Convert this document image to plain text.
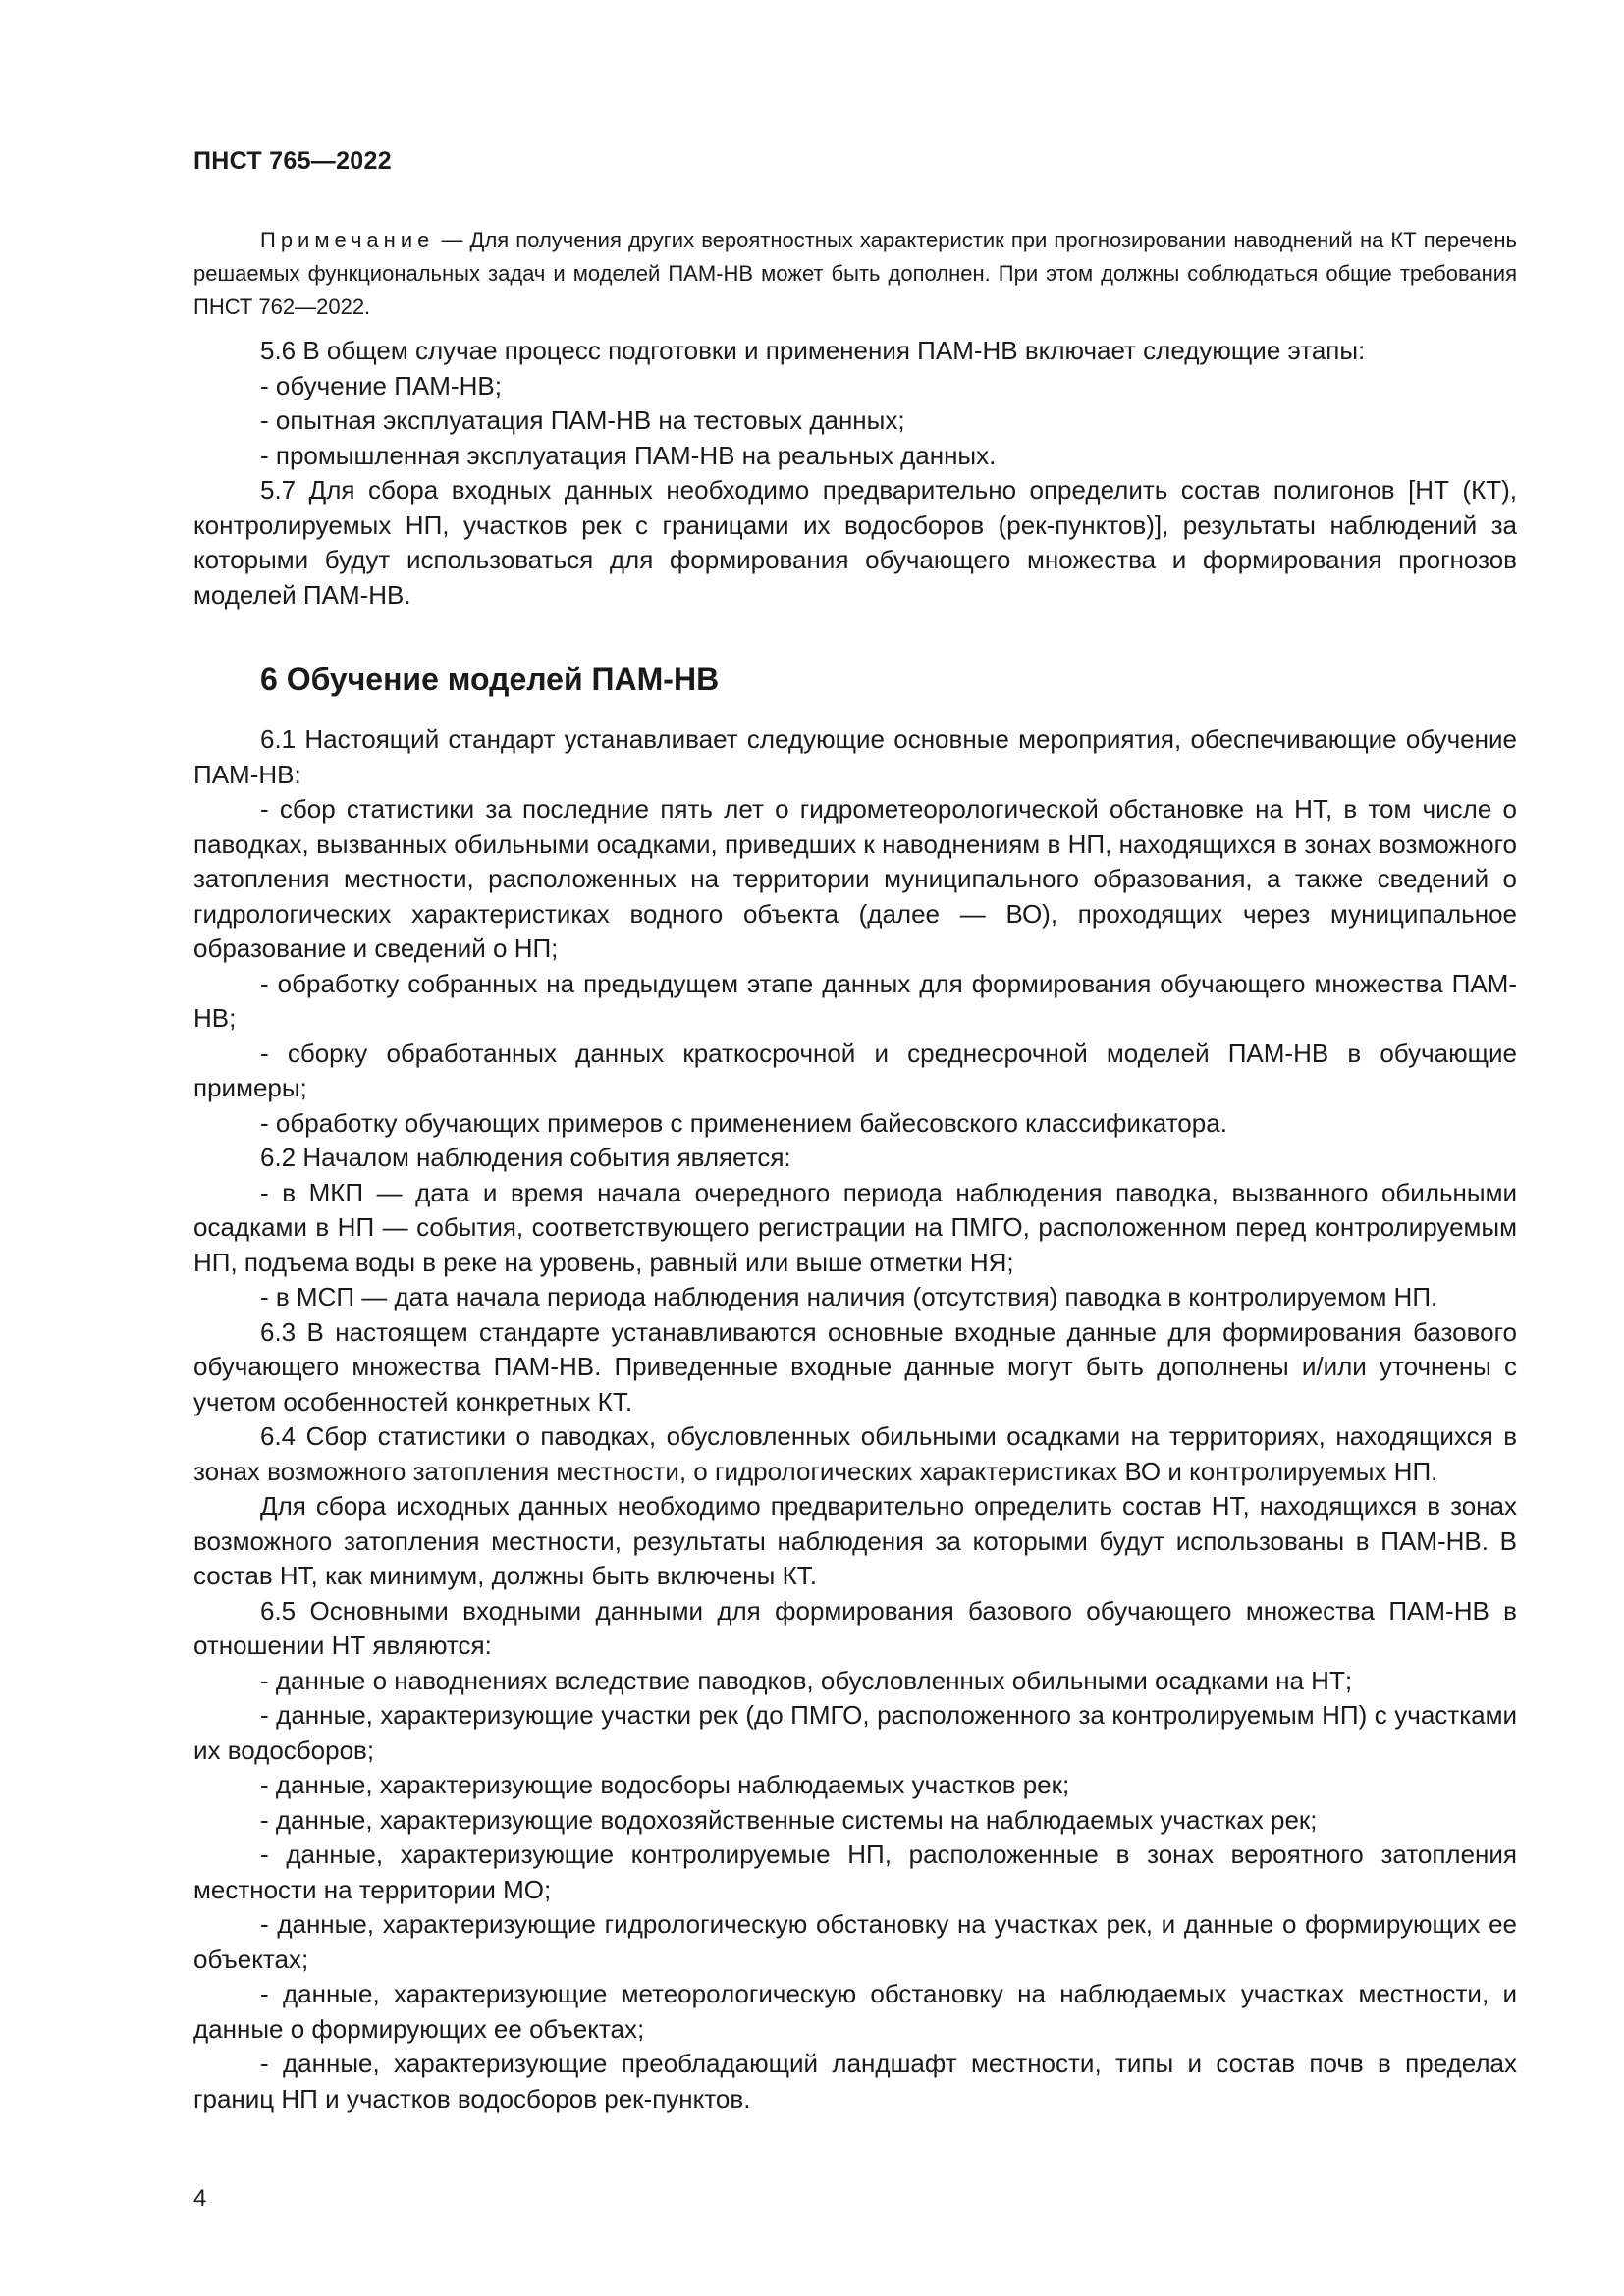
ПНСТ 765—2022

Примечание — Для получения других вероятностных характеристик при прогнозировании наводнений на КТ перечень решаемых функциональных задач и моделей ПАМ-НВ может быть дополнен. При этом должны соблюдаться общие требования ПНСТ 762—2022.

5.6 В общем случае процесс подготовки и применения ПАМ-НВ включает следующие этапы:

- обучение ПАМ-НВ;

- опытная эксплуатация ПАМ-НВ на тестовых данных;

- промышленная эксплуатация ПАМ-НВ на реальных данных.

5.7 Для сбора входных данных необходимо предварительно определить состав полигонов [НТ (КТ), контролируемых НП, участков рек с границами их водосборов (рек-пунктов)], результаты наблюдений за которыми будут использоваться для формирования обучающего множества и формирования прогнозов моделей ПАМ-НВ.

6 Обучение моделей ПАМ-НВ

6.1 Настоящий стандарт устанавливает следующие основные мероприятия, обеспечивающие обучение ПАМ-НВ:

- сбор статистики за последние пять лет о гидрометеорологической обстановке на НТ, в том числе о паводках, вызванных обильными осадками, приведших к наводнениям в НП, находящихся в зонах возможного затопления местности, расположенных на территории муниципального образования, а также сведений о гидрологических характеристиках водного объекта (далее — ВО), проходящих через муниципальное образование и сведений о НП;

- обработку собранных на предыдущем этапе данных для формирования обучающего множества ПАМ-НВ;

- сборку обработанных данных краткосрочной и среднесрочной моделей ПАМ-НВ в обучающие примеры;

- обработку обучающих примеров с применением байесовского классификатора.

6.2 Началом наблюдения события является:

- в МКП — дата и время начала очередного периода наблюдения паводка, вызванного обильными осадками в НП — события, соответствующего регистрации на ПМГО, расположенном перед контролируемым НП, подъема воды в реке на уровень, равный или выше отметки НЯ;

- в МСП — дата начала периода наблюдения наличия (отсутствия) паводка в контролируемом НП.

6.3 В настоящем стандарте устанавливаются основные входные данные для формирования базового обучающего множества ПАМ-НВ. Приведенные входные данные могут быть дополнены и/или уточнены с учетом особенностей конкретных КТ.

6.4 Сбор статистики о паводках, обусловленных обильными осадками на территориях, находящихся в зонах возможного затопления местности, о гидрологических характеристиках ВО и контролируемых НП.

Для сбора исходных данных необходимо предварительно определить состав НТ, находящихся в зонах возможного затопления местности, результаты наблюдения за которыми будут использованы в ПАМ-НВ. В состав НТ, как минимум, должны быть включены КТ.

6.5 Основными входными данными для формирования базового обучающего множества ПАМ-НВ в отношении НТ являются:

- данные о наводнениях вследствие паводков, обусловленных обильными осадками на НТ;

- данные, характеризующие участки рек (до ПМГО, расположенного за контролируемым НП) с участками их водосборов;

- данные, характеризующие водосборы наблюдаемых участков рек;

- данные, характеризующие водохозяйственные системы на наблюдаемых участках рек;

- данные, характеризующие контролируемые НП, расположенные в зонах вероятного затопления местности на территории МО;

- данные, характеризующие гидрологическую обстановку на участках рек, и данные о формирующих ее объектах;

- данные, характеризующие метеорологическую обстановку на наблюдаемых участках местности, и данные о формирующих ее объектах;

- данные, характеризующие преобладающий ландшафт местности, типы и состав почв в пределах границ НП и участков водосборов рек-пунктов.

4
